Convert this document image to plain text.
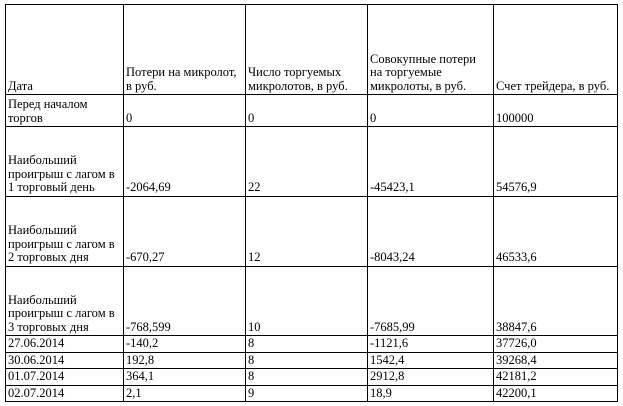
Дата	Потери на микролот, в руб.	Число торгуемых микролотов, в руб.	Совокупные потери на торгуемые микролоты, в руб.	Счет трейдера, в руб.
Перед началом торгов	0	0	0	100000
Наибольший проигрыш с лагом в 1 торговый день	-2064,69	22	-45423,1	54576,9
Наибольший проигрыш с лагом в 2 торговых дня	-670,27	12	-8043,24	46533,6
Наибольший проигрыш с лагом в 3 торговых дня	-768,599	10	-7685,99	38847,6
27.06.2014	-140,2	8	-1121,6	37726,0
30.06.2014	192,8	8	1542,4	39268,4
01.07.2014	364,1	8	2912,8	42181,2
02.07.2014	2,1	9	18,9	42200,1
